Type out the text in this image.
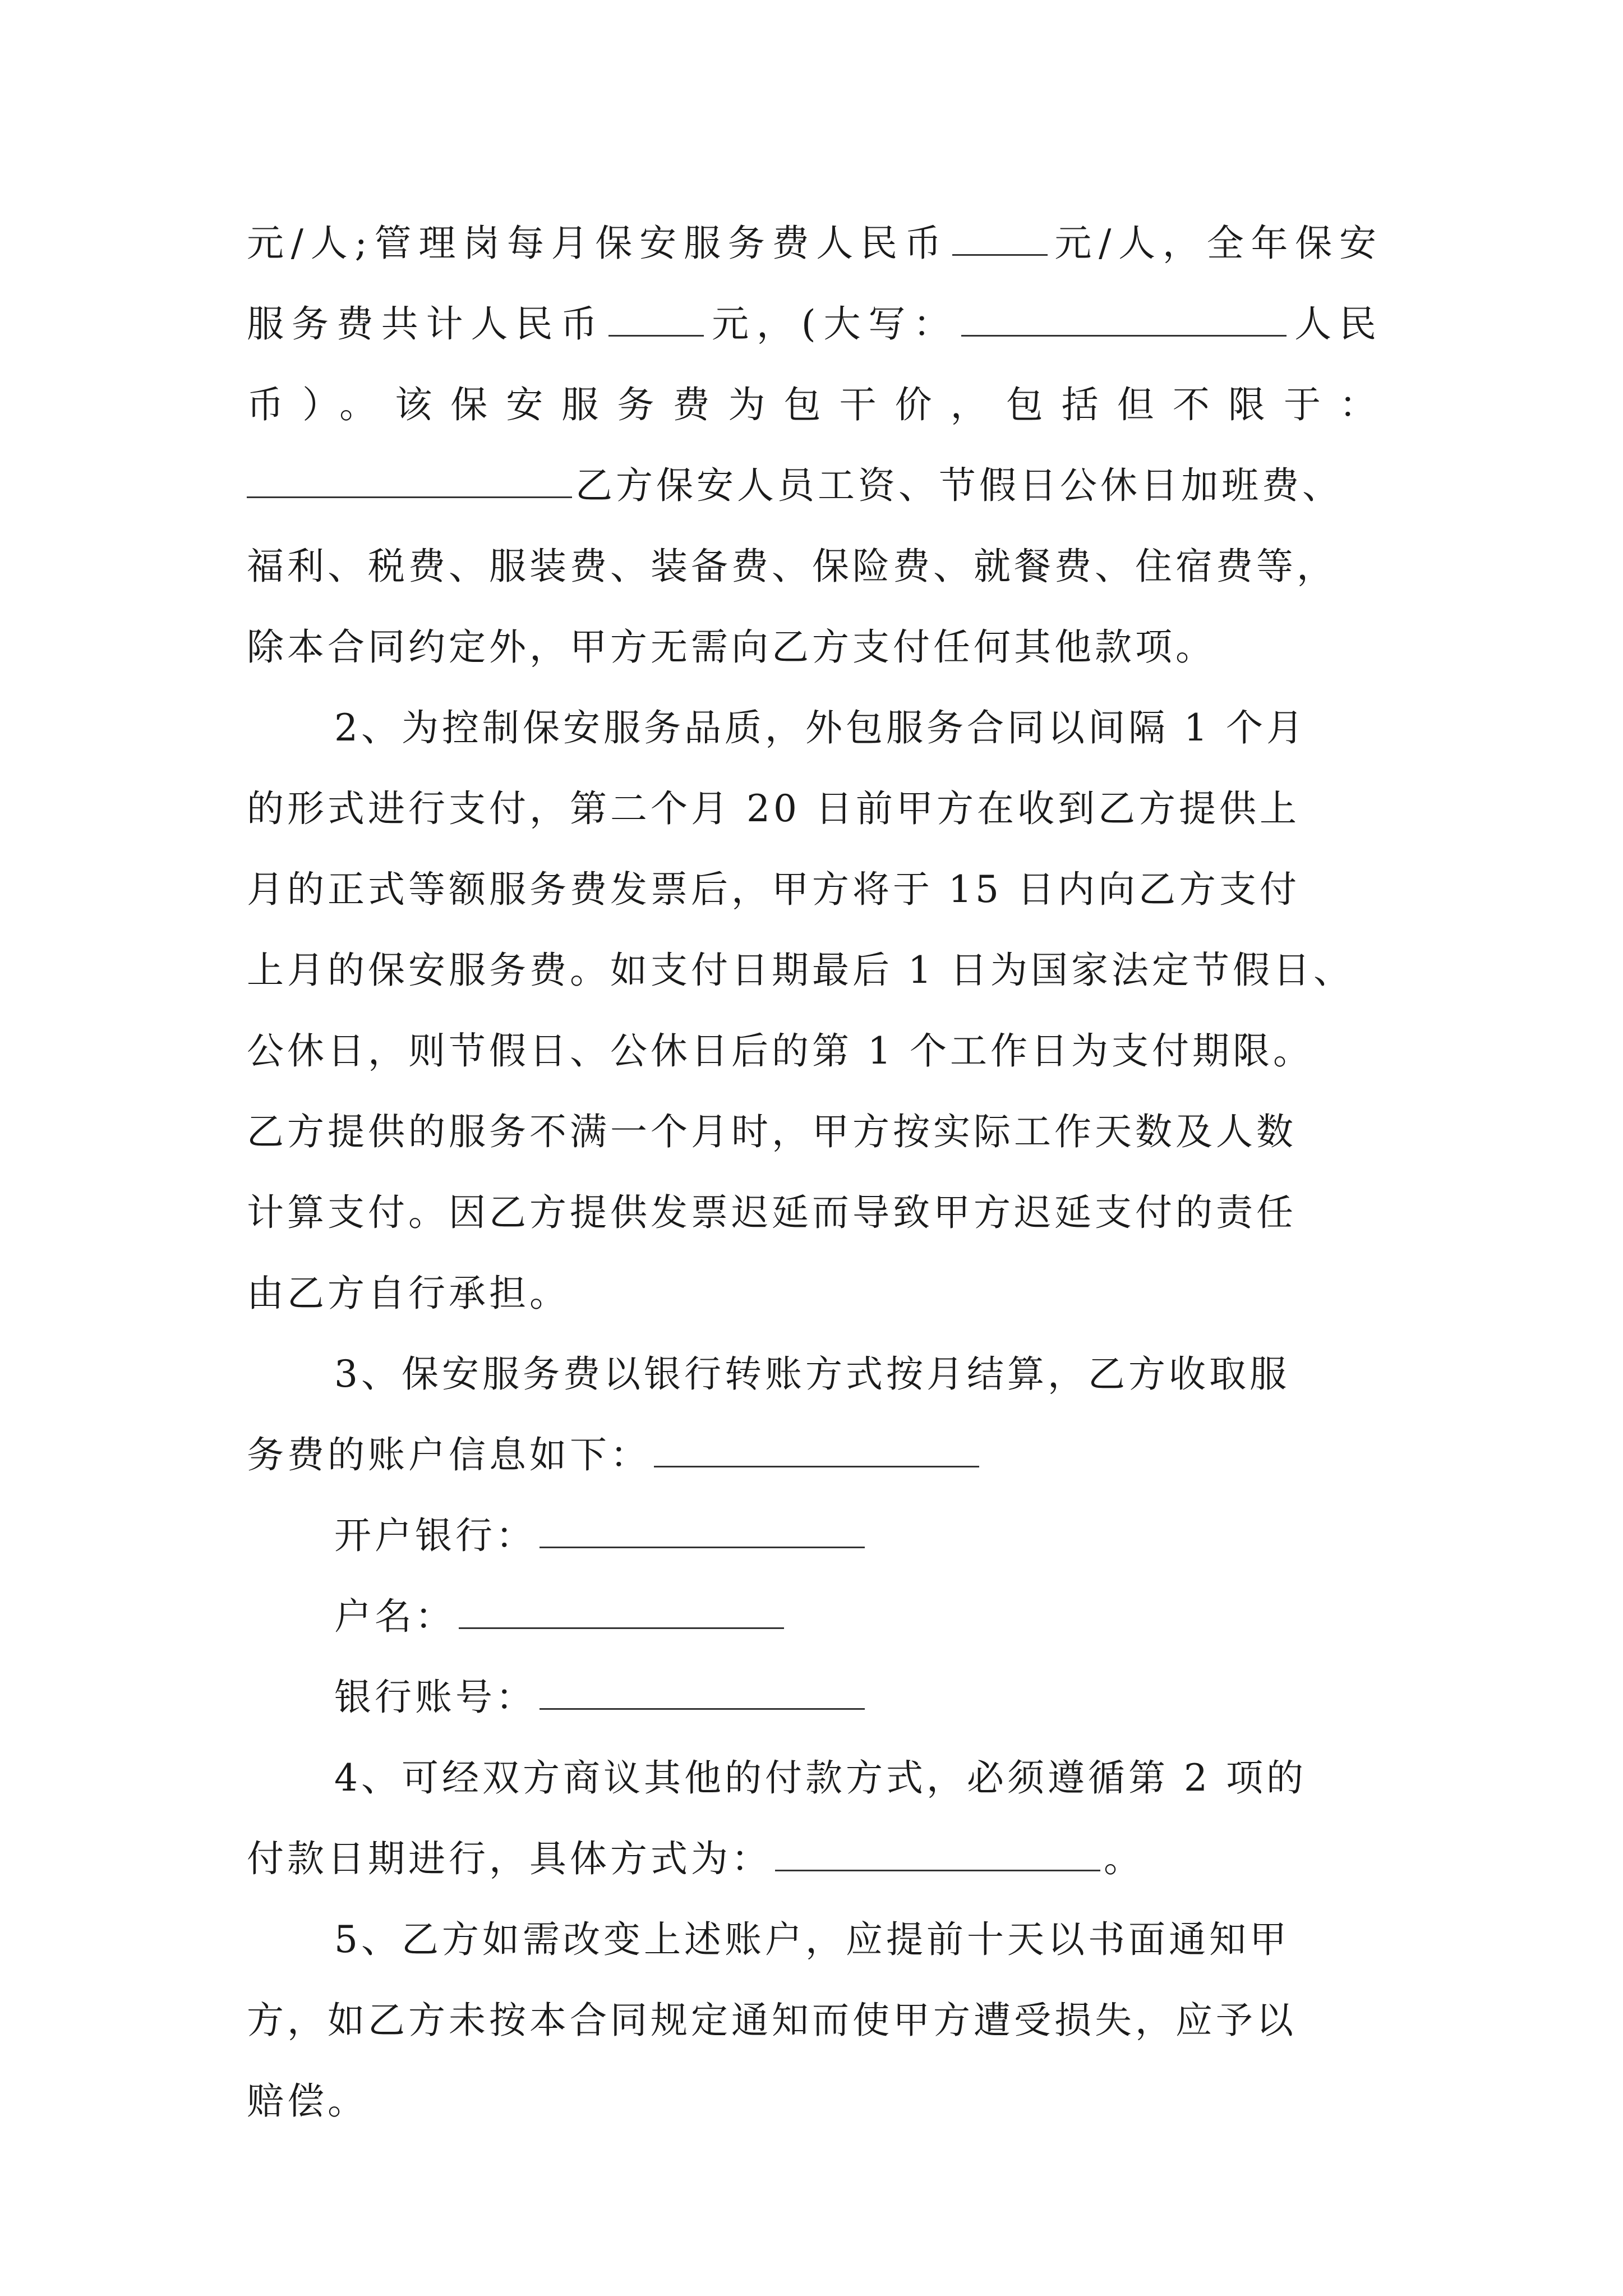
元/人;管理岗每月保安服务费人民币	元/人，全年保安
服务费共计人民币	元，(大写：	人民
币）。该保安服务费为包干价，包括但不限于：
乙方保安人员工资、节假日公休日加班费、
福利、税费、服装费、装备费、保险费、就餐费、住宿费等，
除本合同约定外，甲方无需向乙方支付任何其他款项。
2、为控制保安服务品质，外包服务合同以间隔 1 个月
的形式进行支付，第二个月 20 日前甲方在收到乙方提供上
月的正式等额服务费发票后，甲方将于 15 日内向乙方支付
上月的保安服务费。如支付日期最后 1 日为国家法定节假日、
公休日，则节假日、公休日后的第 1 个工作日为支付期限。
乙方提供的服务不满一个月时，甲方按实际工作天数及人数
计算支付。因乙方提供发票迟延而导致甲方迟延支付的责任
由乙方自行承担。
3、保安服务费以银行转账方式按月结算，乙方收取服
务费的账户信息如下：
开户银行：
户名：
银行账号：
4、可经双方商议其他的付款方式，必须遵循第 2 项的
付款日期进行，具体方式为：	。
5、乙方如需改变上述账户，应提前十天以书面通知甲
方，如乙方未按本合同规定通知而使甲方遭受损失，应予以
赔偿。
